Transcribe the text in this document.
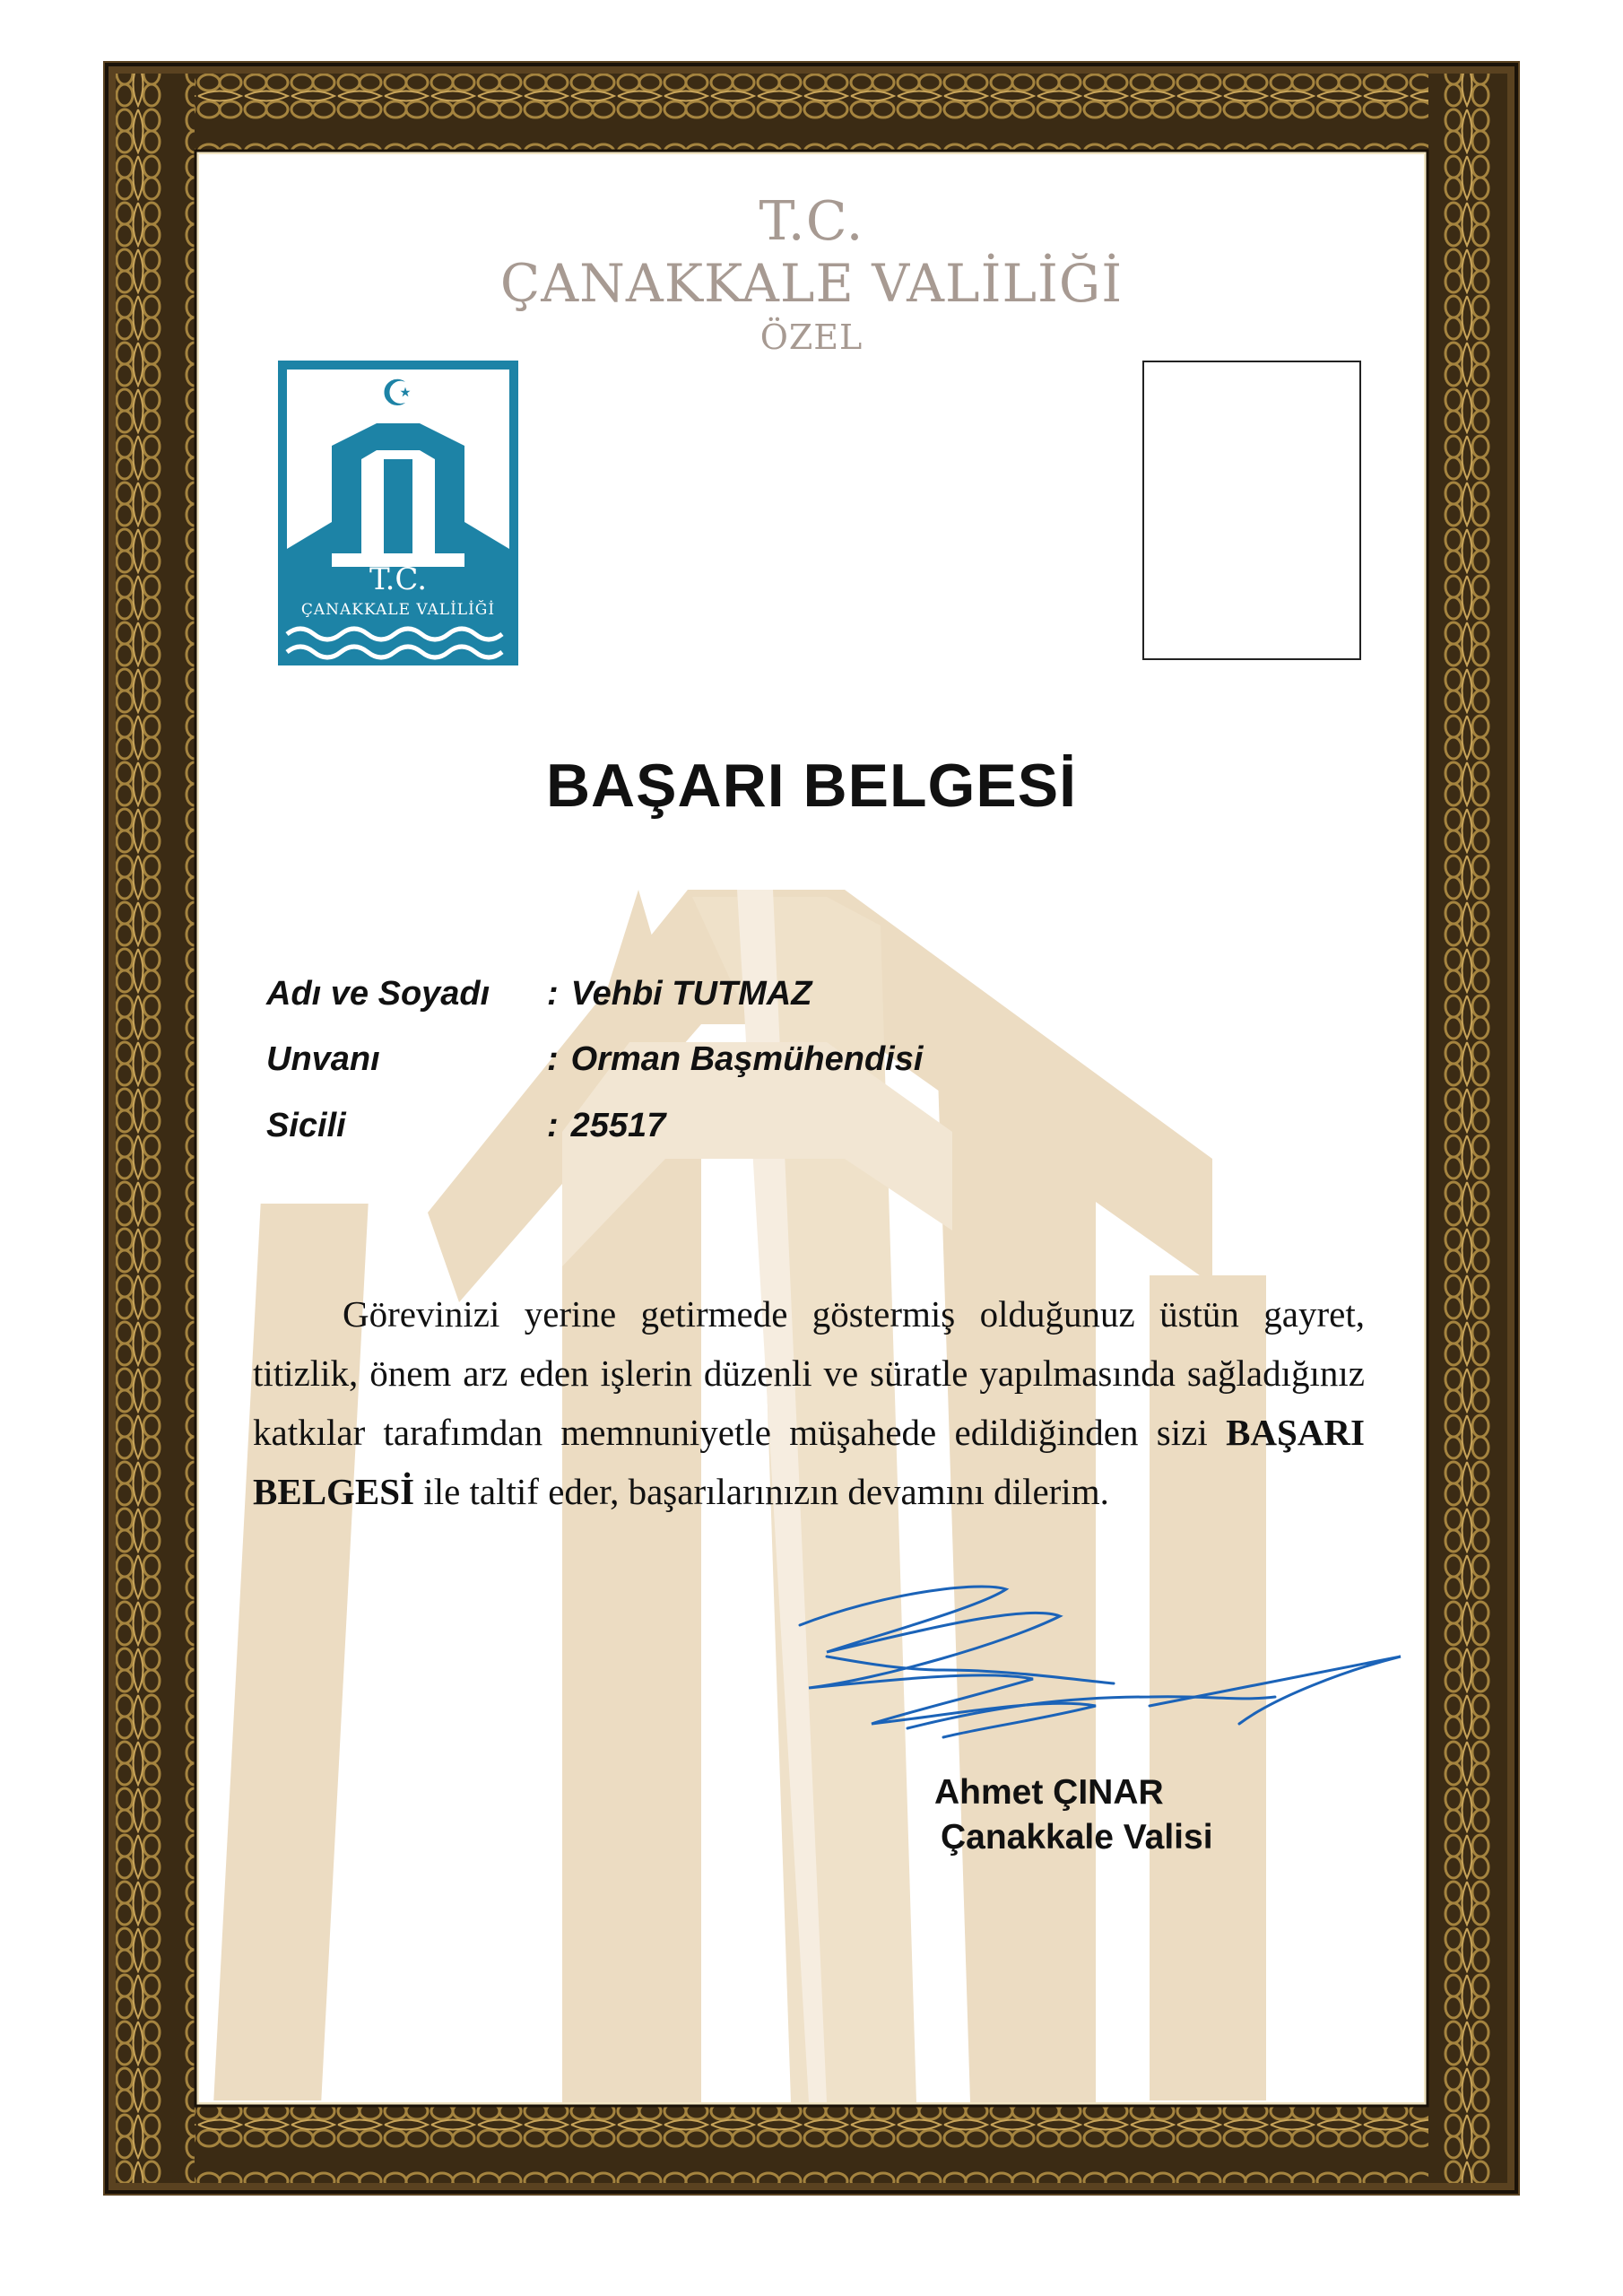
T.C.
ÇANAKKALE VALİLİĞİ
ÖZEL
☪
T.C.
ÇANAKKALE VALİLİĞİ
BAŞARI BELGESİ
Adı ve Soyadı : Vehbi TUTMAZ
Unvanı	: Orman Başmühendisi
Sicili	: 25517
Görevinizi yerine getirmede göstermiş olduğunuz üstün gayret, titizlik, önem arz eden işlerin düzenli ve süratle yapılmasında sağladığınız katkılar tarafımdan memnuniyetle müşahede edildiğinden sizi BAŞARI BELGESİ ile taltif eder, başarılarınızın devamını dilerim.
Ahmet ÇINAR
Çanakkale Valisi
